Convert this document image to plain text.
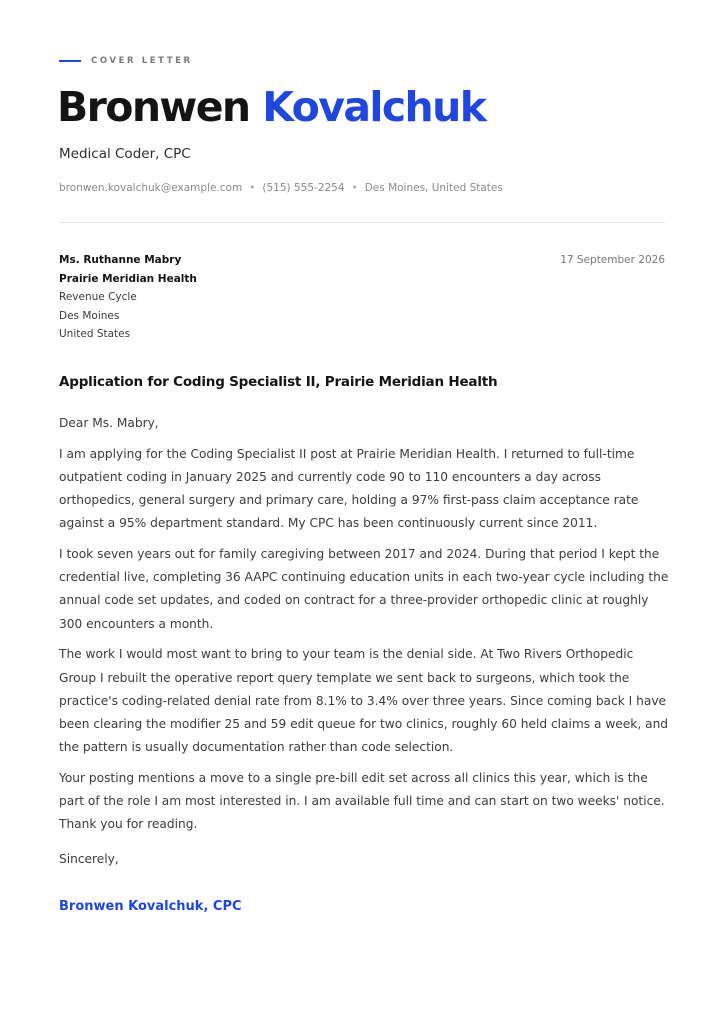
COVER LETTER
Bronwen Kovalchuk
Medical Coder, CPC
bronwen.kovalchuk@example.com • (515) 555-2254 • Des Moines, United States
Ms. Ruthanne Mabry
Prairie Meridian Health
Revenue Cycle
Des Moines
United States
17 September 2026
Application for Coding Specialist II, Prairie Meridian Health

Dear Ms. Mabry,

I am applying for the Coding Specialist II post at Prairie Meridian Health. I returned to full-time outpatient coding in January 2025 and currently code 90 to 110 encounters a day across orthopedics, general surgery and primary care, holding a 97% first-pass claim acceptance rate against a 95% department standard. My CPC has been continuously current since 2011.

I took seven years out for family caregiving between 2017 and 2024. During that period I kept the credential live, completing 36 AAPC continuing education units in each two-year cycle including the annual code set updates, and coded on contract for a three-provider orthopedic clinic at roughly 300 encounters a month.

The work I would most want to bring to your team is the denial side. At Two Rivers Orthopedic Group I rebuilt the operative report query template we sent back to surgeons, which took the practice's coding-related denial rate from 8.1% to 3.4% over three years. Since coming back I have been clearing the modifier 25 and 59 edit queue for two clinics, roughly 60 held claims a week, and the pattern is usually documentation rather than code selection.

Your posting mentions a move to a single pre-bill edit set across all clinics this year, which is the part of the role I am most interested in. I am available full time and can start on two weeks' notice. Thank you for reading.

Sincerely,
Bronwen Kovalchuk, CPC
